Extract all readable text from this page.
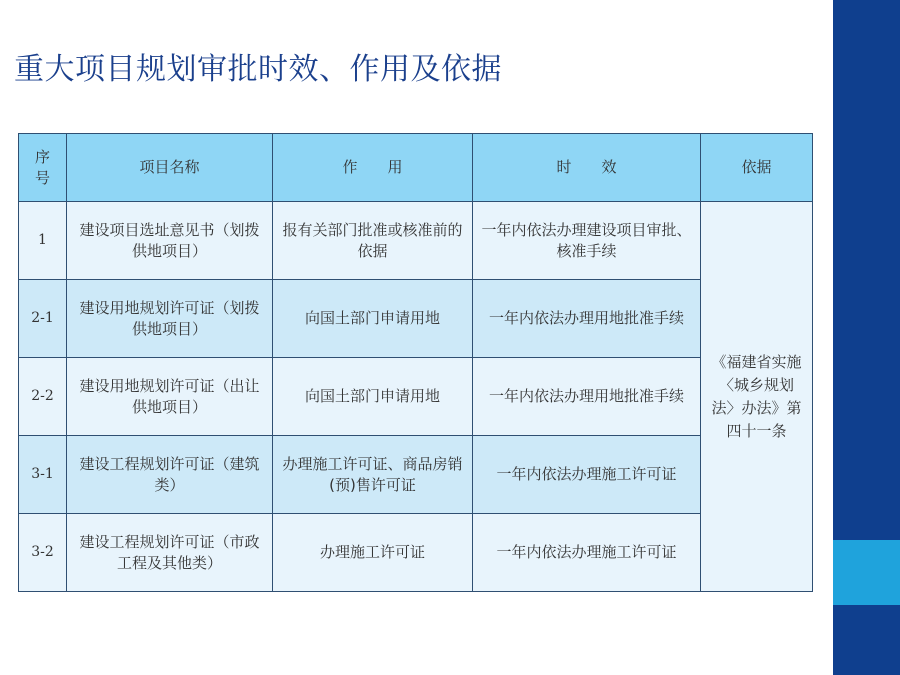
重大项目规划审批时效、作用及依据
序号	项目名称	作　　用	时　　效	依据
1	建设项目选址意见书（划拨供地项目）	报有关部门批准或核准前的依据	一年内依法办理建设项目审批、核准手续	《福建省实施〈城乡规划法〉办法》第四十一条
2-1	建设用地规划许可证（划拨供地项目）	向国土部门申请用地	一年内依法办理用地批准手续	
2-2	建设用地规划许可证（出让供地项目）	向国土部门申请用地	一年内依法办理用地批准手续	
3-1	建设工程规划许可证（建筑类）	办理施工许可证、商品房销(预)售许可证	一年内依法办理施工许可证	
3-2	建设工程规划许可证（市政工程及其他类）	办理施工许可证	一年内依法办理施工许可证	
